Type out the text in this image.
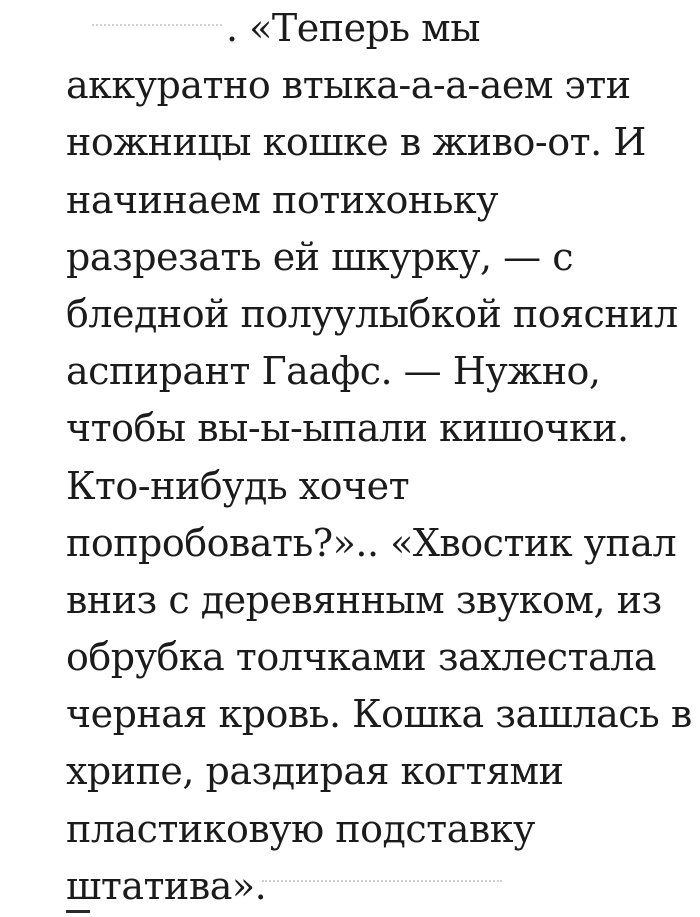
. «Теперь мы
аккуратно втыка-а-а-аем эти
ножницы кошке в живо-от. И
начинаем потихоньку
разрезать ей шкурку, — с
бледной полуулыбкой пояснил
аспирант Гаафс. — Нужно,
чтобы вы-ы-ыпали кишочки.
Кто-нибудь хочет
попробовать?».. «Хвостик упал
вниз с деревянным звуком, из
обрубка толчками захлестала
черная кровь. Кошка зашлась в
хрипе, раздирая когтями
пластиковую подставку
штатива».
